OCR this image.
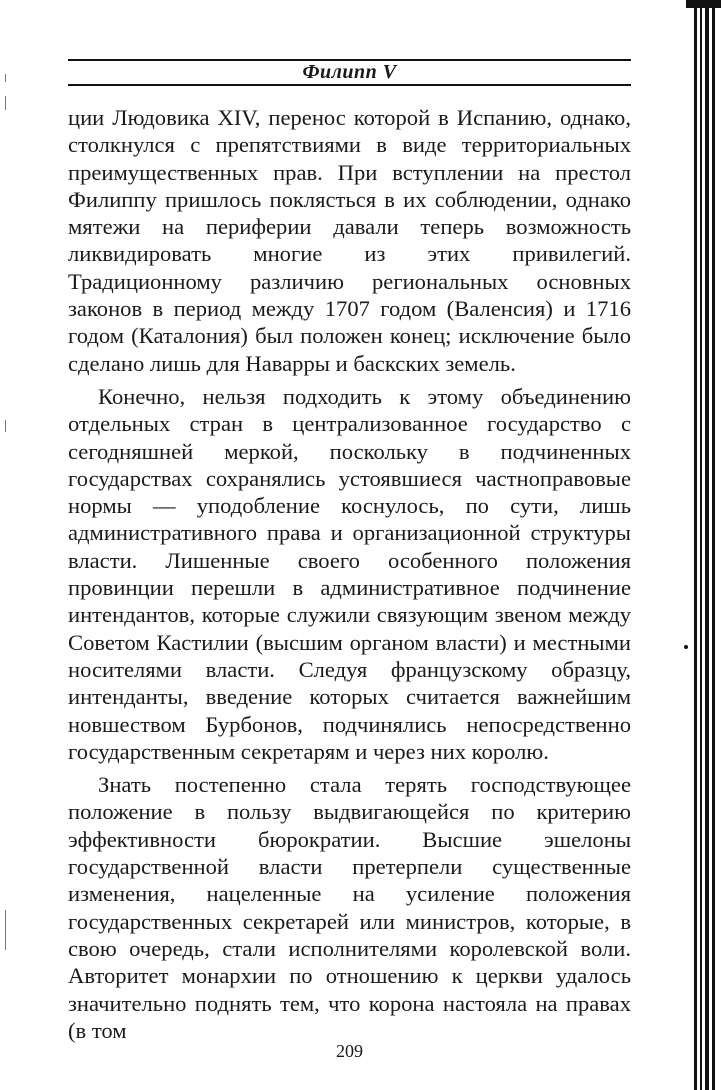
Филипп V

ции Людовика XIV, перенос которой в Испанию, однако, столкнулся с препятствиями в виде территориальных преимущественных прав. При вступлении на престол Филиппу пришлось поклясться в их соблюдении, однако мятежи на периферии давали теперь возможность ликвидировать многие из этих привилегий. Традиционному различию региональных основных законов в период между 1707 годом (Валенсия) и 1716 годом (Каталония) был положен конец; исключение было сделано лишь для Наварры и баскских земель.

Конечно, нельзя подходить к этому объединению отдельных стран в централизованное государство с сегодняшней меркой, поскольку в подчиненных государствах сохранялись устоявшиеся частноправовые нормы — уподобление коснулось, по сути, лишь административного права и организационной структуры власти. Лишенные своего особенного положения провинции перешли в административное подчинение интендантов, которые служили связующим звеном между Советом Кастилии (высшим органом власти) и местными носителями власти. Следуя французскому образцу, интенданты, введение которых считается важнейшим новшеством Бурбонов, подчинялись непосредственно государственным секретарям и через них королю.

Знать постепенно стала терять господствующее положение в пользу выдвигающейся по критерию эффективности бюрократии. Высшие эшелоны государственной власти претерпели существенные изменения, нацеленные на усиление положения государственных секретарей или министров, которые, в свою очередь, стали исполнителями королевской воли. Авторитет монархии по отношению к церкви удалось значительно поднять тем, что корона настояла на правах (в том

209
